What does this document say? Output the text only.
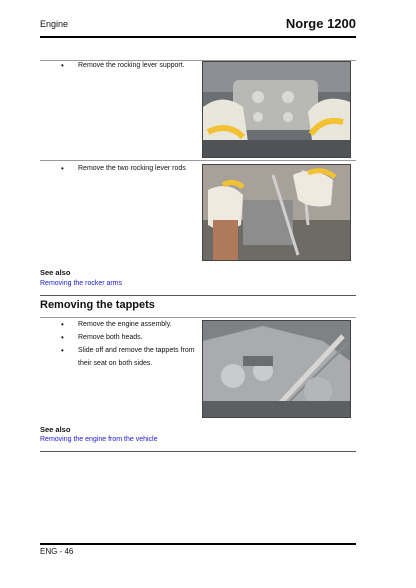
Engine	Norge 1200
• Remove the rocking lever support.
• Remove the two rocking lever rods
See also
Removing the rocker arms
Removing the tappets
• Remove the engine assembly.
• Remove both heads.
• Slide off and remove the tappets from
their seat on both sides.
See also
Removing the engine from the vehicle
ENG - 46
